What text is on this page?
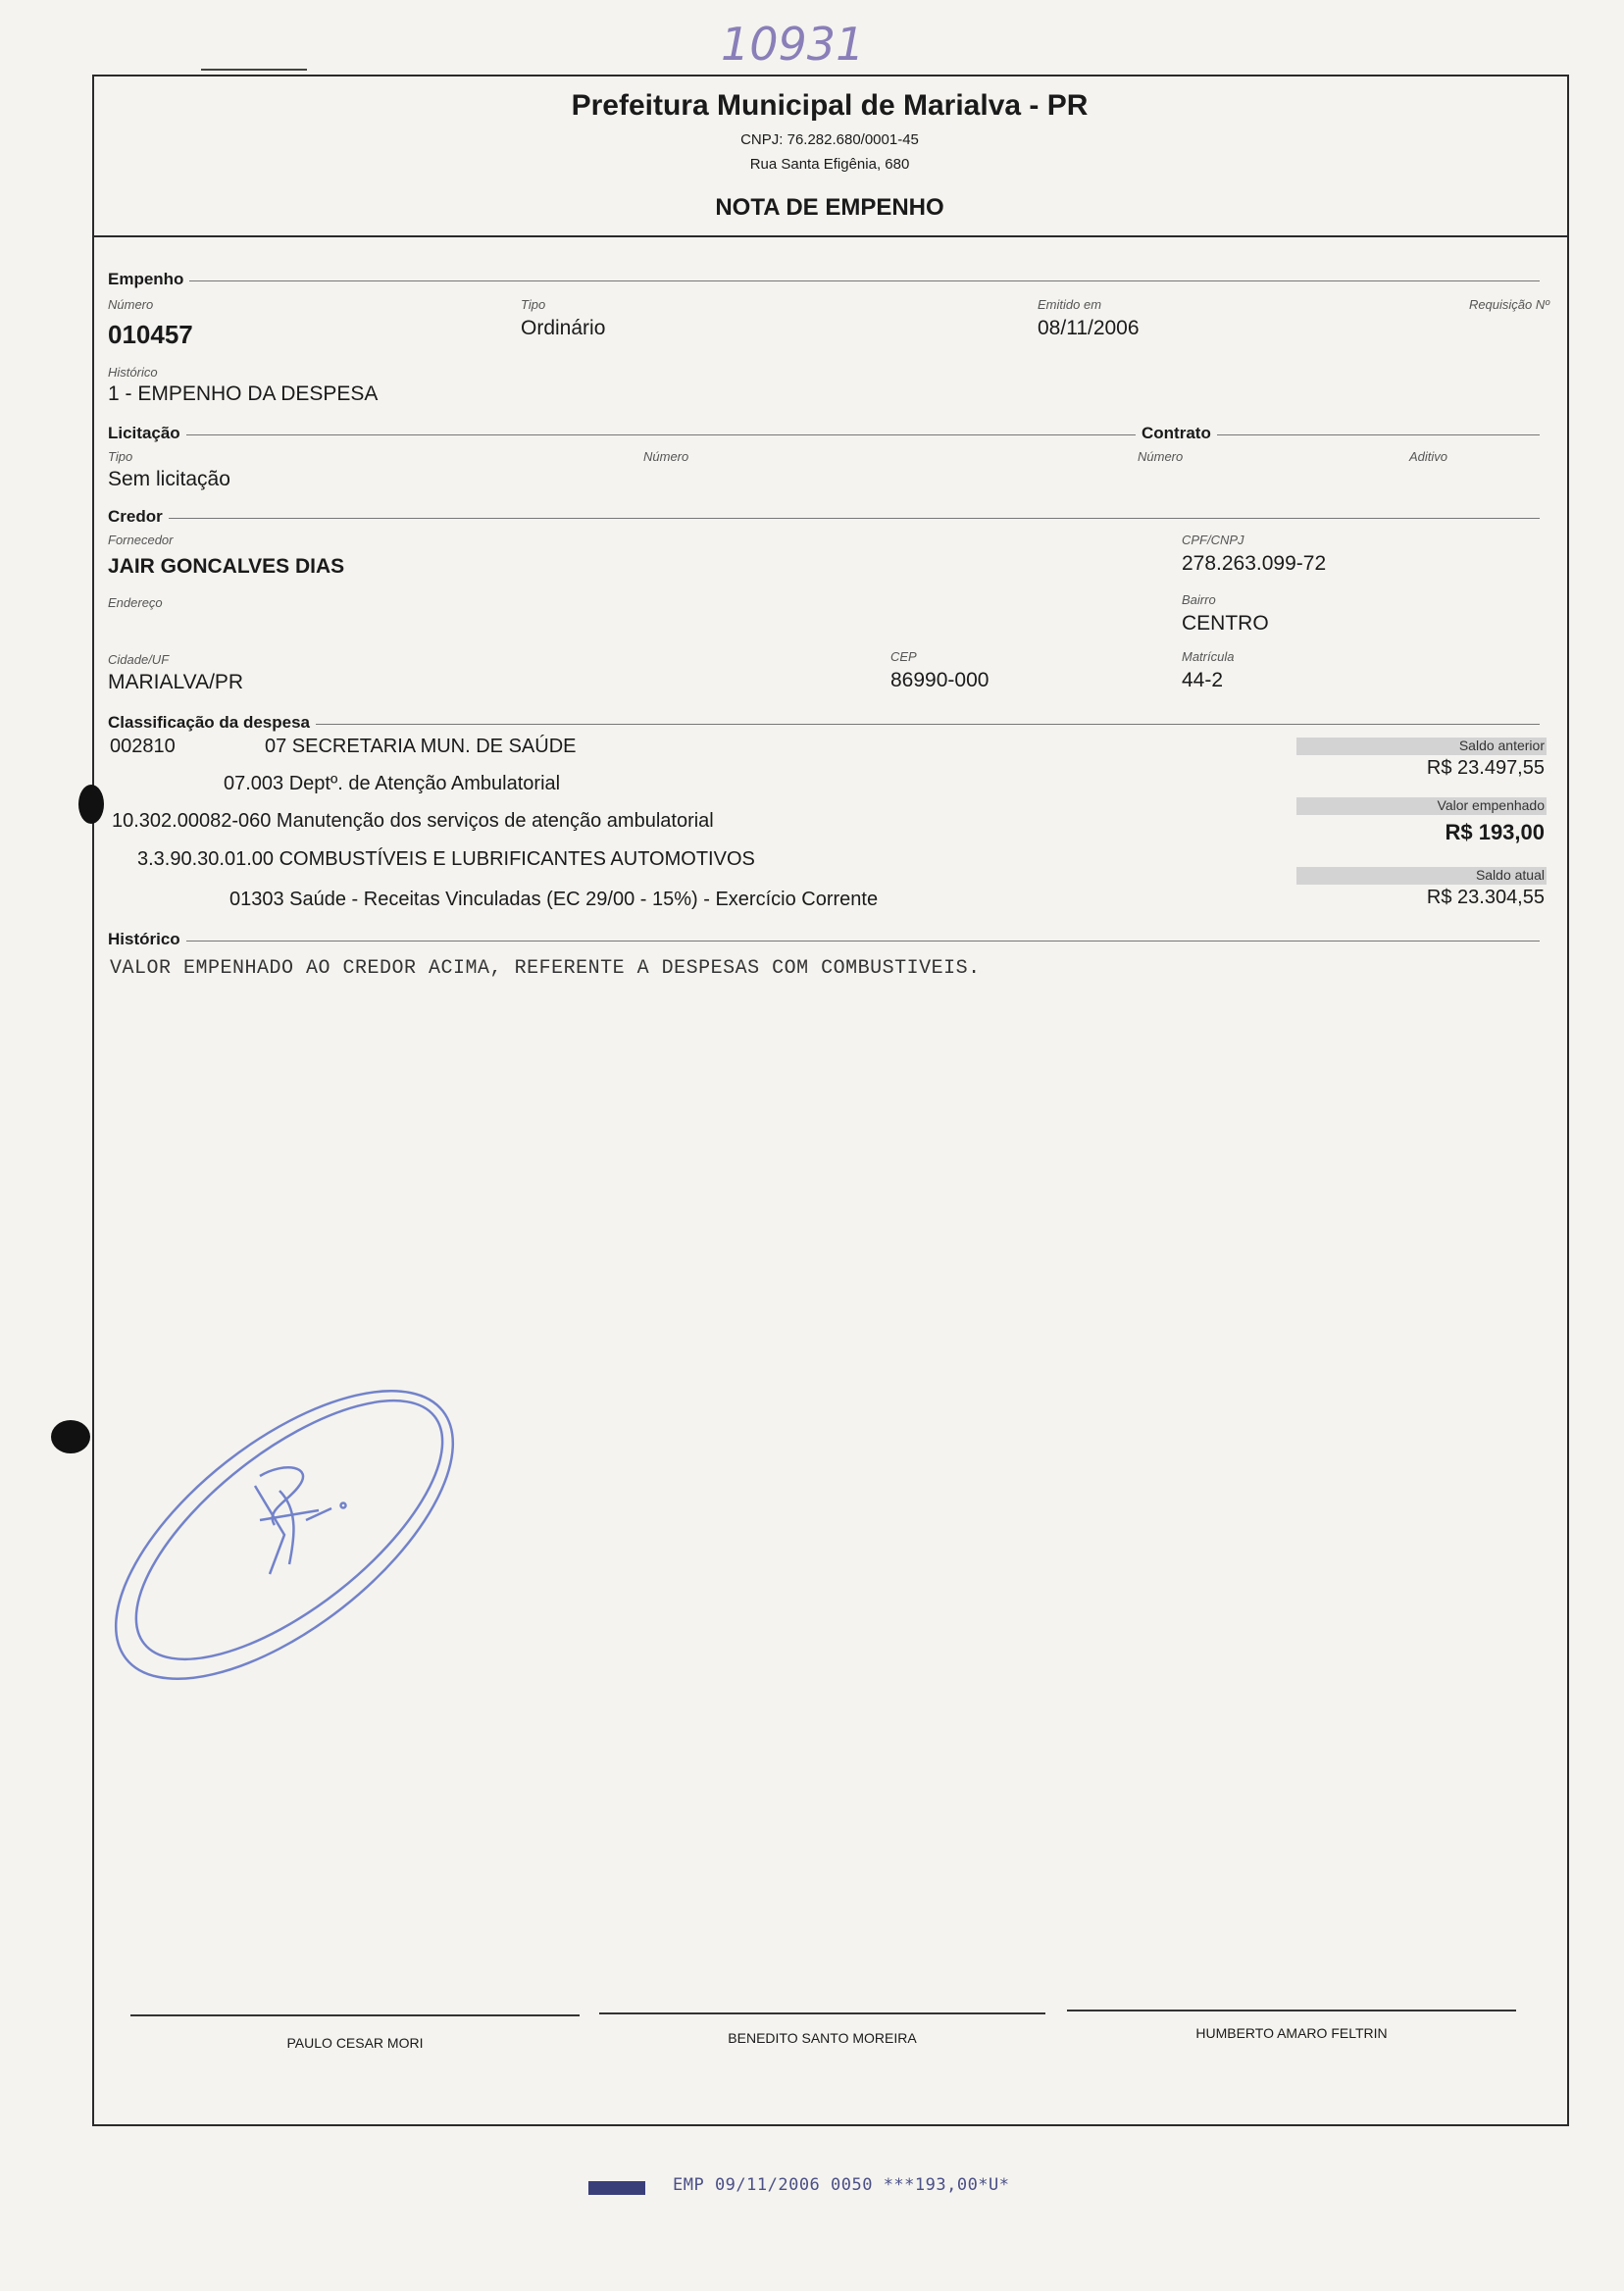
10931
Prefeitura Municipal de Marialva - PR
CNPJ: 76.282.680/0001-45
Rua Santa Efigênia, 680
NOTA DE EMPENHO
Empenho
Número
010457
Tipo
Ordinário
Emitido em
08/11/2006
Requisição Nº
Histórico
1 - EMPENHO DA DESPESA
Licitação	Contrato
Tipo
Sem licitação
Número	Número	Aditivo
Credor
Fornecedor
JAIR GONCALVES DIAS
CPF/CNPJ
278.263.099-72
Endereço	Bairro
CENTRO
Cidade/UF
MARIALVA/PR
CEP
86990-000
Matrícula
44-2
Classificação da despesa
002810	07 SECRETARIA MUN. DE SAÚDE
07.003 Deptº. de Atenção Ambulatorial
10.302.00082-060 Manutenção dos serviços de atenção ambulatorial
3.3.90.30.01.00 COMBUSTÍVEIS E LUBRIFICANTES AUTOMOTIVOS
01303 Saúde - Receitas Vinculadas (EC 29/00 - 15%) - Exercício Corrente
Saldo anterior
R$ 23.497,55
Valor empenhado
R$ 193,00
Saldo atual
R$ 23.304,55
Histórico
VALOR EMPENHADO AO CREDOR ACIMA, REFERENTE A DESPESAS COM COMBUSTIVEIS.
PAULO CESAR MORI	BENEDITO SANTO MOREIRA	HUMBERTO AMARO FELTRIN
EMP 09/11/2006 0050 ***193,00*U*
